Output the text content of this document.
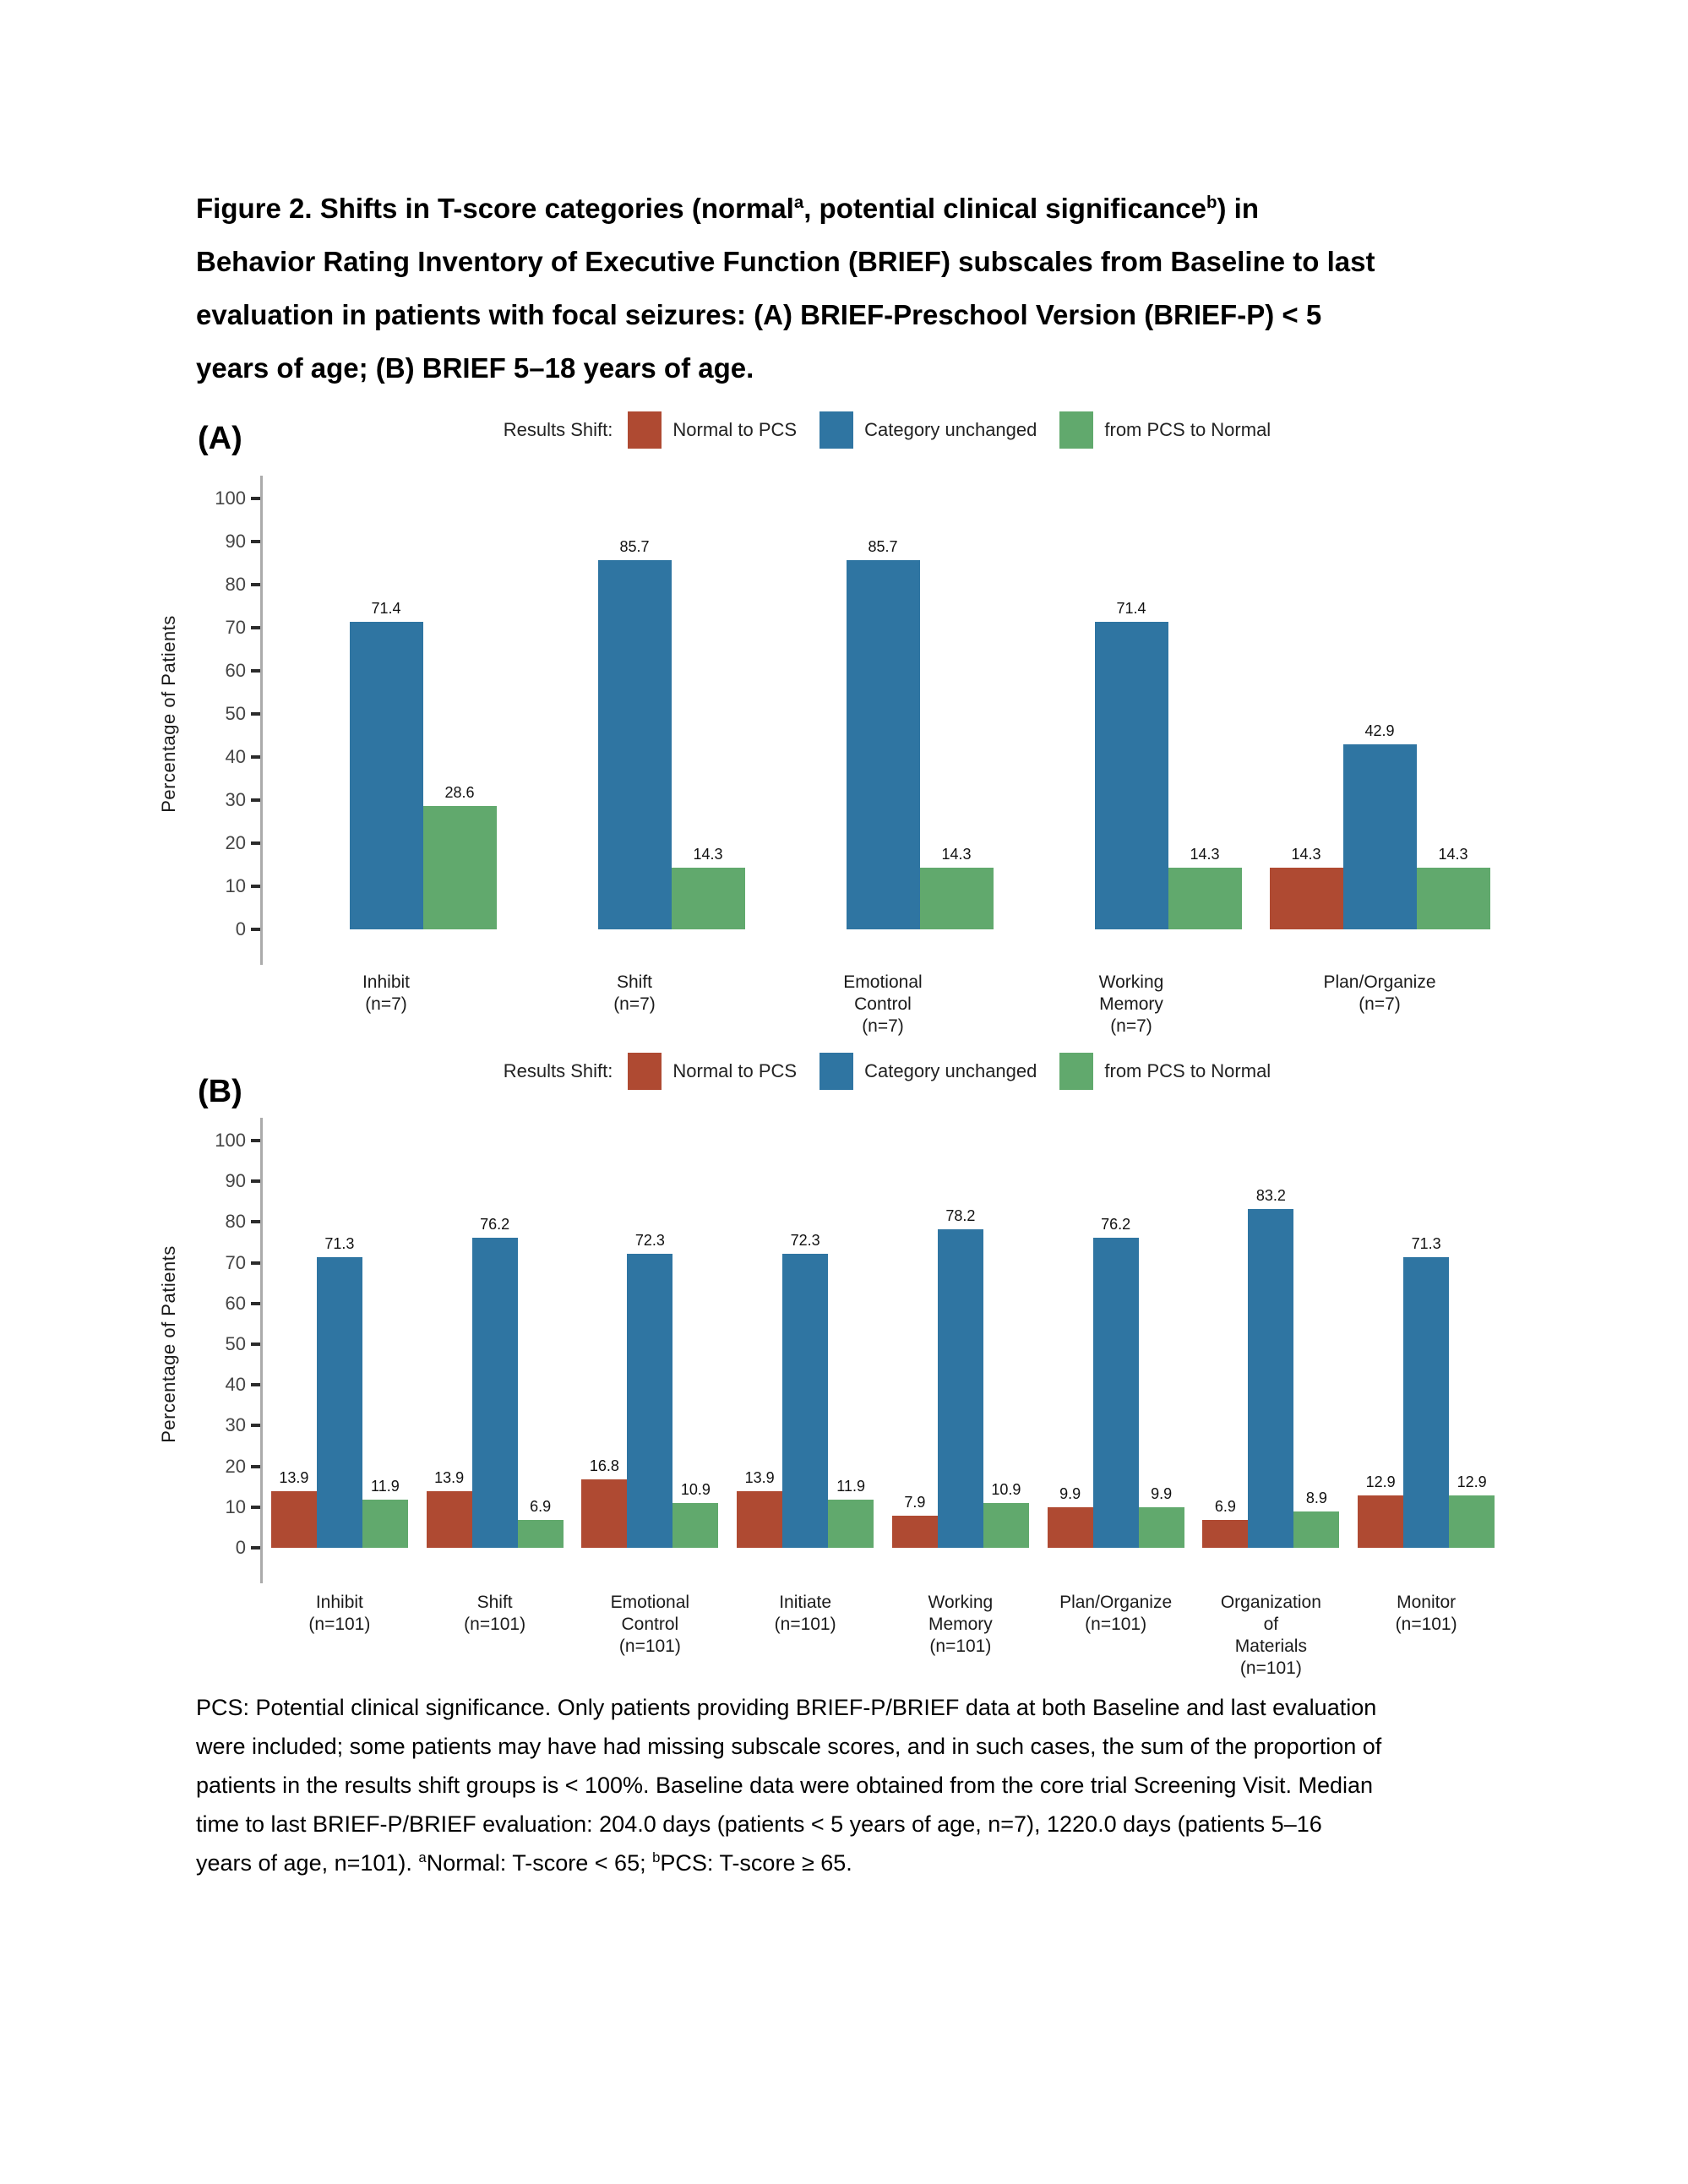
Figure 2. Shifts in T-score categories (normal$^a$, potential clinical significance$^b$) in
Behavior Rating Inventory of Executive Function (BRIEF) subscales from Baseline to last
evaluation in patients with focal seizures: (A) BRIEF-Preschool Version (BRIEF-P) < 5
years of age; (B) BRIEF 5–18 years of age.
(A)	Results Shift:	Normal to PCS	Category unchanged	from PCS to Normal
Percentage of Patients
0
10
20
30
40
50
60
70
80
90
100
71.4
28.6
85.7
14.3
85.7
14.3
71.4
14.3	14.3
42.9
14.3
Inhibit
(n=7)
Shift
(n=7)
Emotional
Control
(n=7)
Working
Memory
(n=7)
Plan/Organize
(n=7)
(B)
Results Shift:	Normal to PCS	Category unchanged	from PCS to Normal
Percentage of Patients
0
10
20
30
40
50
60
70
80
90
100
13.9
71.3
11.9 13.9
76.2
6.9
16.8
72.3
10.9
13.9
72.3
11.9
7.9
78.2
10.9	9.9
76.2
9.9
6.9
83.2
8.9
12.9
71.3
12.9
Inhibit
(n=101)
Shift
(n=101)
Emotional
Control
(n=101)
Initiate
(n=101)
Working
Memory
(n=101)
Plan/Organize
(n=101)
Organization
of
Materials
(n=101)
Monitor
(n=101)
PCS: Potential clinical significance. Only patients providing BRIEF-P/BRIEF data at both Baseline and last evaluation
were included; some patients may have had missing subscale scores, and in such cases, the sum of the proportion of
patients in the results shift groups is < 100%. Baseline data were obtained from the core trial Screening Visit. Median
time to last BRIEF-P/BRIEF evaluation: 204.0 days (patients < 5 years of age, n=7), 1220.0 days (patients 5–16
years of age, n=101). $^a$Normal: T-score < 65; $^b$PCS: T-score ≥ 65.
